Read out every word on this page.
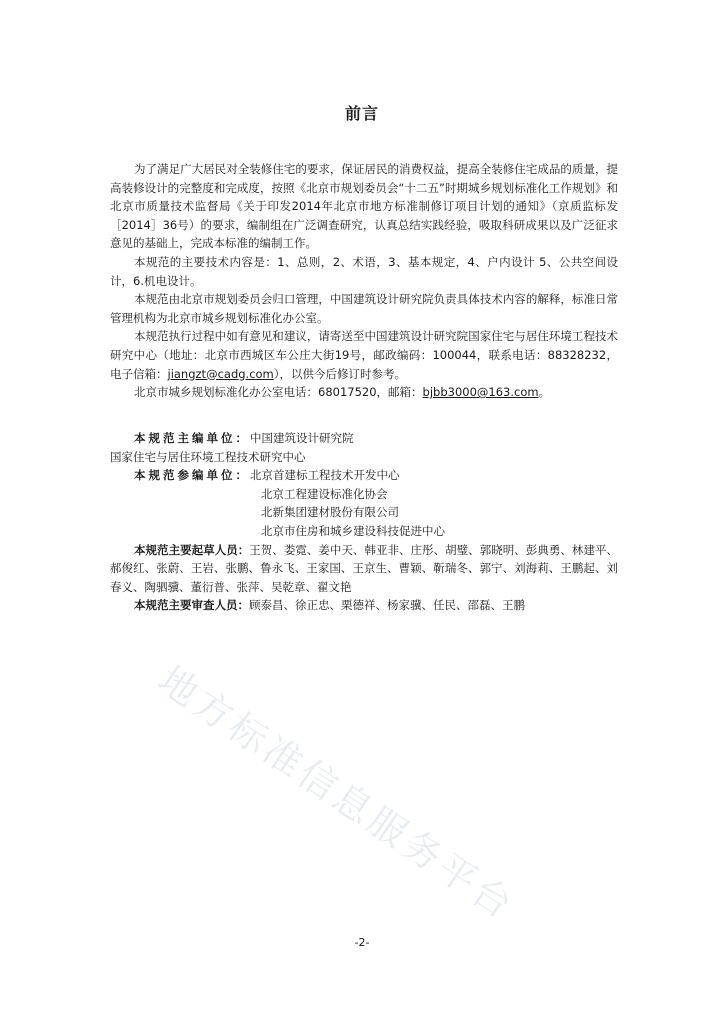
前言

为了满足广大居民对全装修住宅的要求，保证居民的消费权益，提高全装修住宅成品的质量，提高装修设计的完整度和完成度，按照《北京市规划委员会“十二五”时期城乡规划标准化工作规划》和北京市质量技术监督局《关于印发2014年北京市地方标准制修订项目计划的通知》（京质监标发［2014］36号）的要求，编制组在广泛调查研究，认真总结实践经验，吸取科研成果以及广泛征求意见的基础上，完成本标准的编制工作。

本规范的主要技术内容是：1、总则，2、术语，3、基本规定，4、户内设计 5、公共空间设计，6.机电设计。

本规范由北京市规划委员会归口管理，中国建筑设计研究院负责具体技术内容的解释，标准日常管理机构为北京市城乡规划标准化办公室。

本规范执行过程中如有意见和建议，请寄送至中国建筑设计研究院国家住宅与居住环境工程技术研究中心（地址：北京市西城区车公庄大街19号，邮政编码：100044，联系电话：88328232，电子信箱：jiangzt@cadg.com），以供今后修订时参考。

北京市城乡规划标准化办公室电话：68017520，邮箱：bjbb3000@163.com。

本规范主编单位：中国建筑设计研究院

国家住宅与居住环境工程技术研究中心

本规范参编单位：北京首建标工程技术开发中心

北京工程建设标准化协会

北新集团建材股份有限公司

北京市住房和城乡建设科技促进中心

本规范主要起草人员：王贺、娄霓、姜中天、韩亚非、庄彤、胡璧、郭晓明、彭典勇、林建平、郝俊红、张蔚、王岩、张鹏、鲁永飞、王家国、王京生、曹颖、靳瑞冬、郭宁、刘海莉、王鹏起、刘春义、陶驷骥、董衍普、张萍、吴乾章、翟文艳

本规范主要审查人员：顾泰昌、徐正忠、栗德祥、杨家骥、任民、邵磊、王鹏

地方标准信息服务平台
-2-
